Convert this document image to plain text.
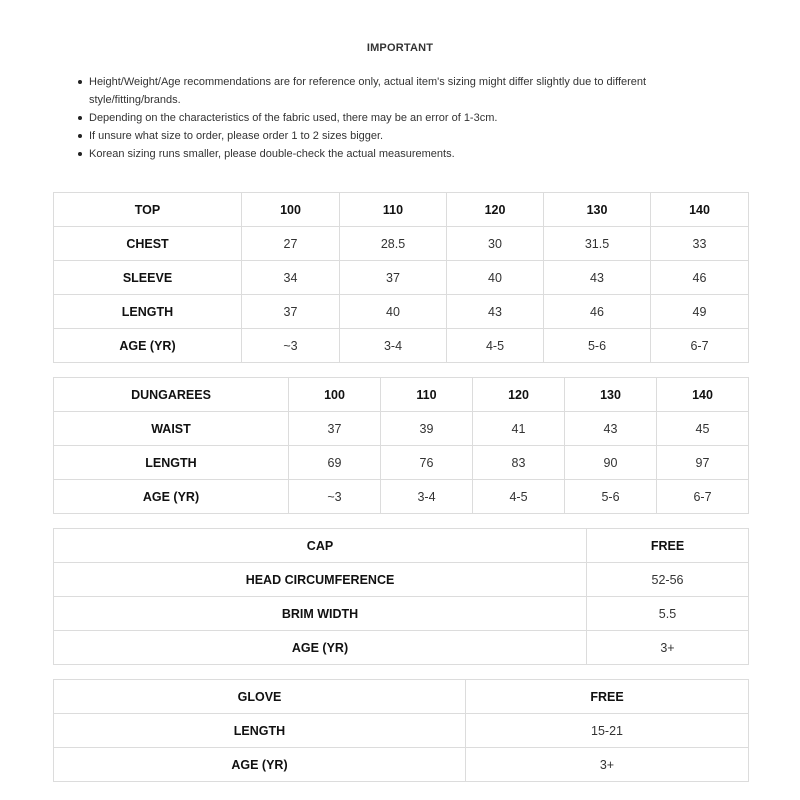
IMPORTANT
Height/Weight/Age recommendations are for reference only, actual item's sizing might differ slightly due to different style/fitting/brands.
Depending on the characteristics of the fabric used, there may be an error of 1-3cm.
If unsure what size to order, please order 1 to 2 sizes bigger.
Korean sizing runs smaller, please double-check the actual measurements.
TOP	100	110	120	130	140
CHEST	27	28.5	30	31.5	33
SLEEVE	34	37	40	43	46
LENGTH	37	40	43	46	49
AGE (YR)	~3	3-4	4-5	5-6	6-7
DUNGAREES	100	110	120	130	140
WAIST	37	39	41	43	45
LENGTH	69	76	83	90	97
AGE (YR)	~3	3-4	4-5	5-6	6-7
CAP	FREE
HEAD CIRCUMFERENCE	52-56
BRIM WIDTH	5.5
AGE (YR)	3+
GLOVE	FREE
LENGTH	15-21
AGE (YR)	3+
